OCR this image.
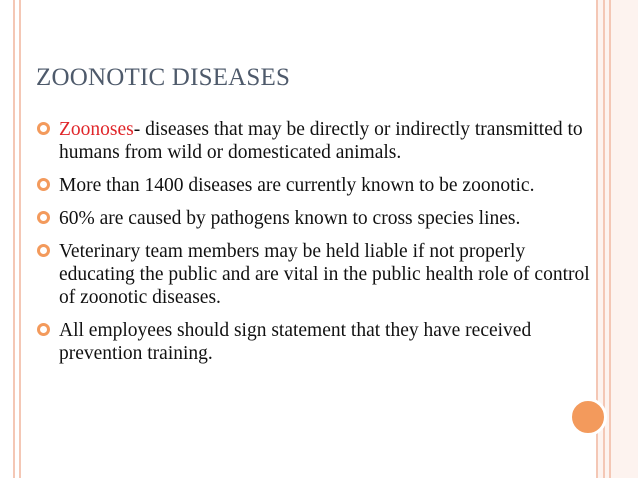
ZOONOTIC DISEASES
Zoonoses- diseases that may be directly or indirectly transmitted to humans from wild or domesticated animals.
More than 1400 diseases are currently known to be zoonotic.
60% are caused by pathogens known to cross species lines.
Veterinary team members may be held liable if not properly educating the public and are vital in the public health role of control of zoonotic diseases.
All employees should sign statement that they have received prevention training.
